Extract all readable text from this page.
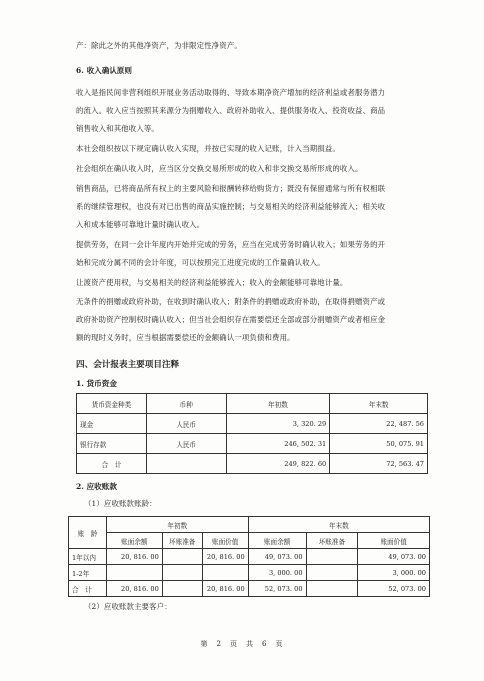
产：除此之外的其他净资产，为非限定性净资产。
6. 收入确认原则
收入是指民间非营利组织开展业务活动取得的、导致本期净资产增加的经济利益或者服务潜力
的流入。收入应当按照其来源分为捐赠收入、政府补助收入、提供服务收入、投资收益、商品
销售收入和其他收入等。
本社会组织按以下规定确认收入实现，并按已实现的收入记账，计入当期损益。
社会组织在确认收入时，应当区分交换交易所形成的收入和非交换交易所形成的收入。
销售商品，已将商品所有权上的主要风险和报酬转移给购货方；既没有保留通常与所有权相联
系的继续管理权，也没有对已出售的商品实施控制；与交易相关的经济利益能够流入；相关收
入和成本能够可靠地计量时确认收入。
提供劳务，在同一会计年度内开始并完成的劳务，应当在完成劳务时确认收入；如果劳务的开
始和完成分属不同的会计年度，可以按照完工进度完成的工作量确认收入。
让渡资产使用权，与交易相关的经济利益能够流入；收入的金额能够可靠地计量。
无条件的捐赠或政府补助，在收到时确认收入；附条件的捐赠或政府补助，在取得捐赠资产或
政府补助资产控制权时确认收入；但当社会组织存在需要偿还全部或部分捐赠资产或者相应金
额的现时义务时，应当根据需要偿还的金额确认一项负债和费用。
四、会计报表主要项目注释
1. 货币资金
货币资金种类	币种	年初数	年末数
现金	人民币	3, 320. 29	22, 487. 56
银行存款	人民币	246, 502. 31	50, 075. 91
合　计		249, 822. 60	72, 563. 47
2. 应收账款
（1）应收账款账龄：
账　龄	年初数			年末数		
	账面余额	坏账准备	账面价值	账面余额	坏账准备	账面价值
1年以内	20, 816. 00		20, 816. 00	49, 073. 00		49, 073. 00
1-2年				3, 000. 00		3, 000. 00
合　计	20, 816. 00		20, 816. 00	52, 073. 00		52, 073. 00
（2）应收账款主要客户：
第　2　页　共　6　页
